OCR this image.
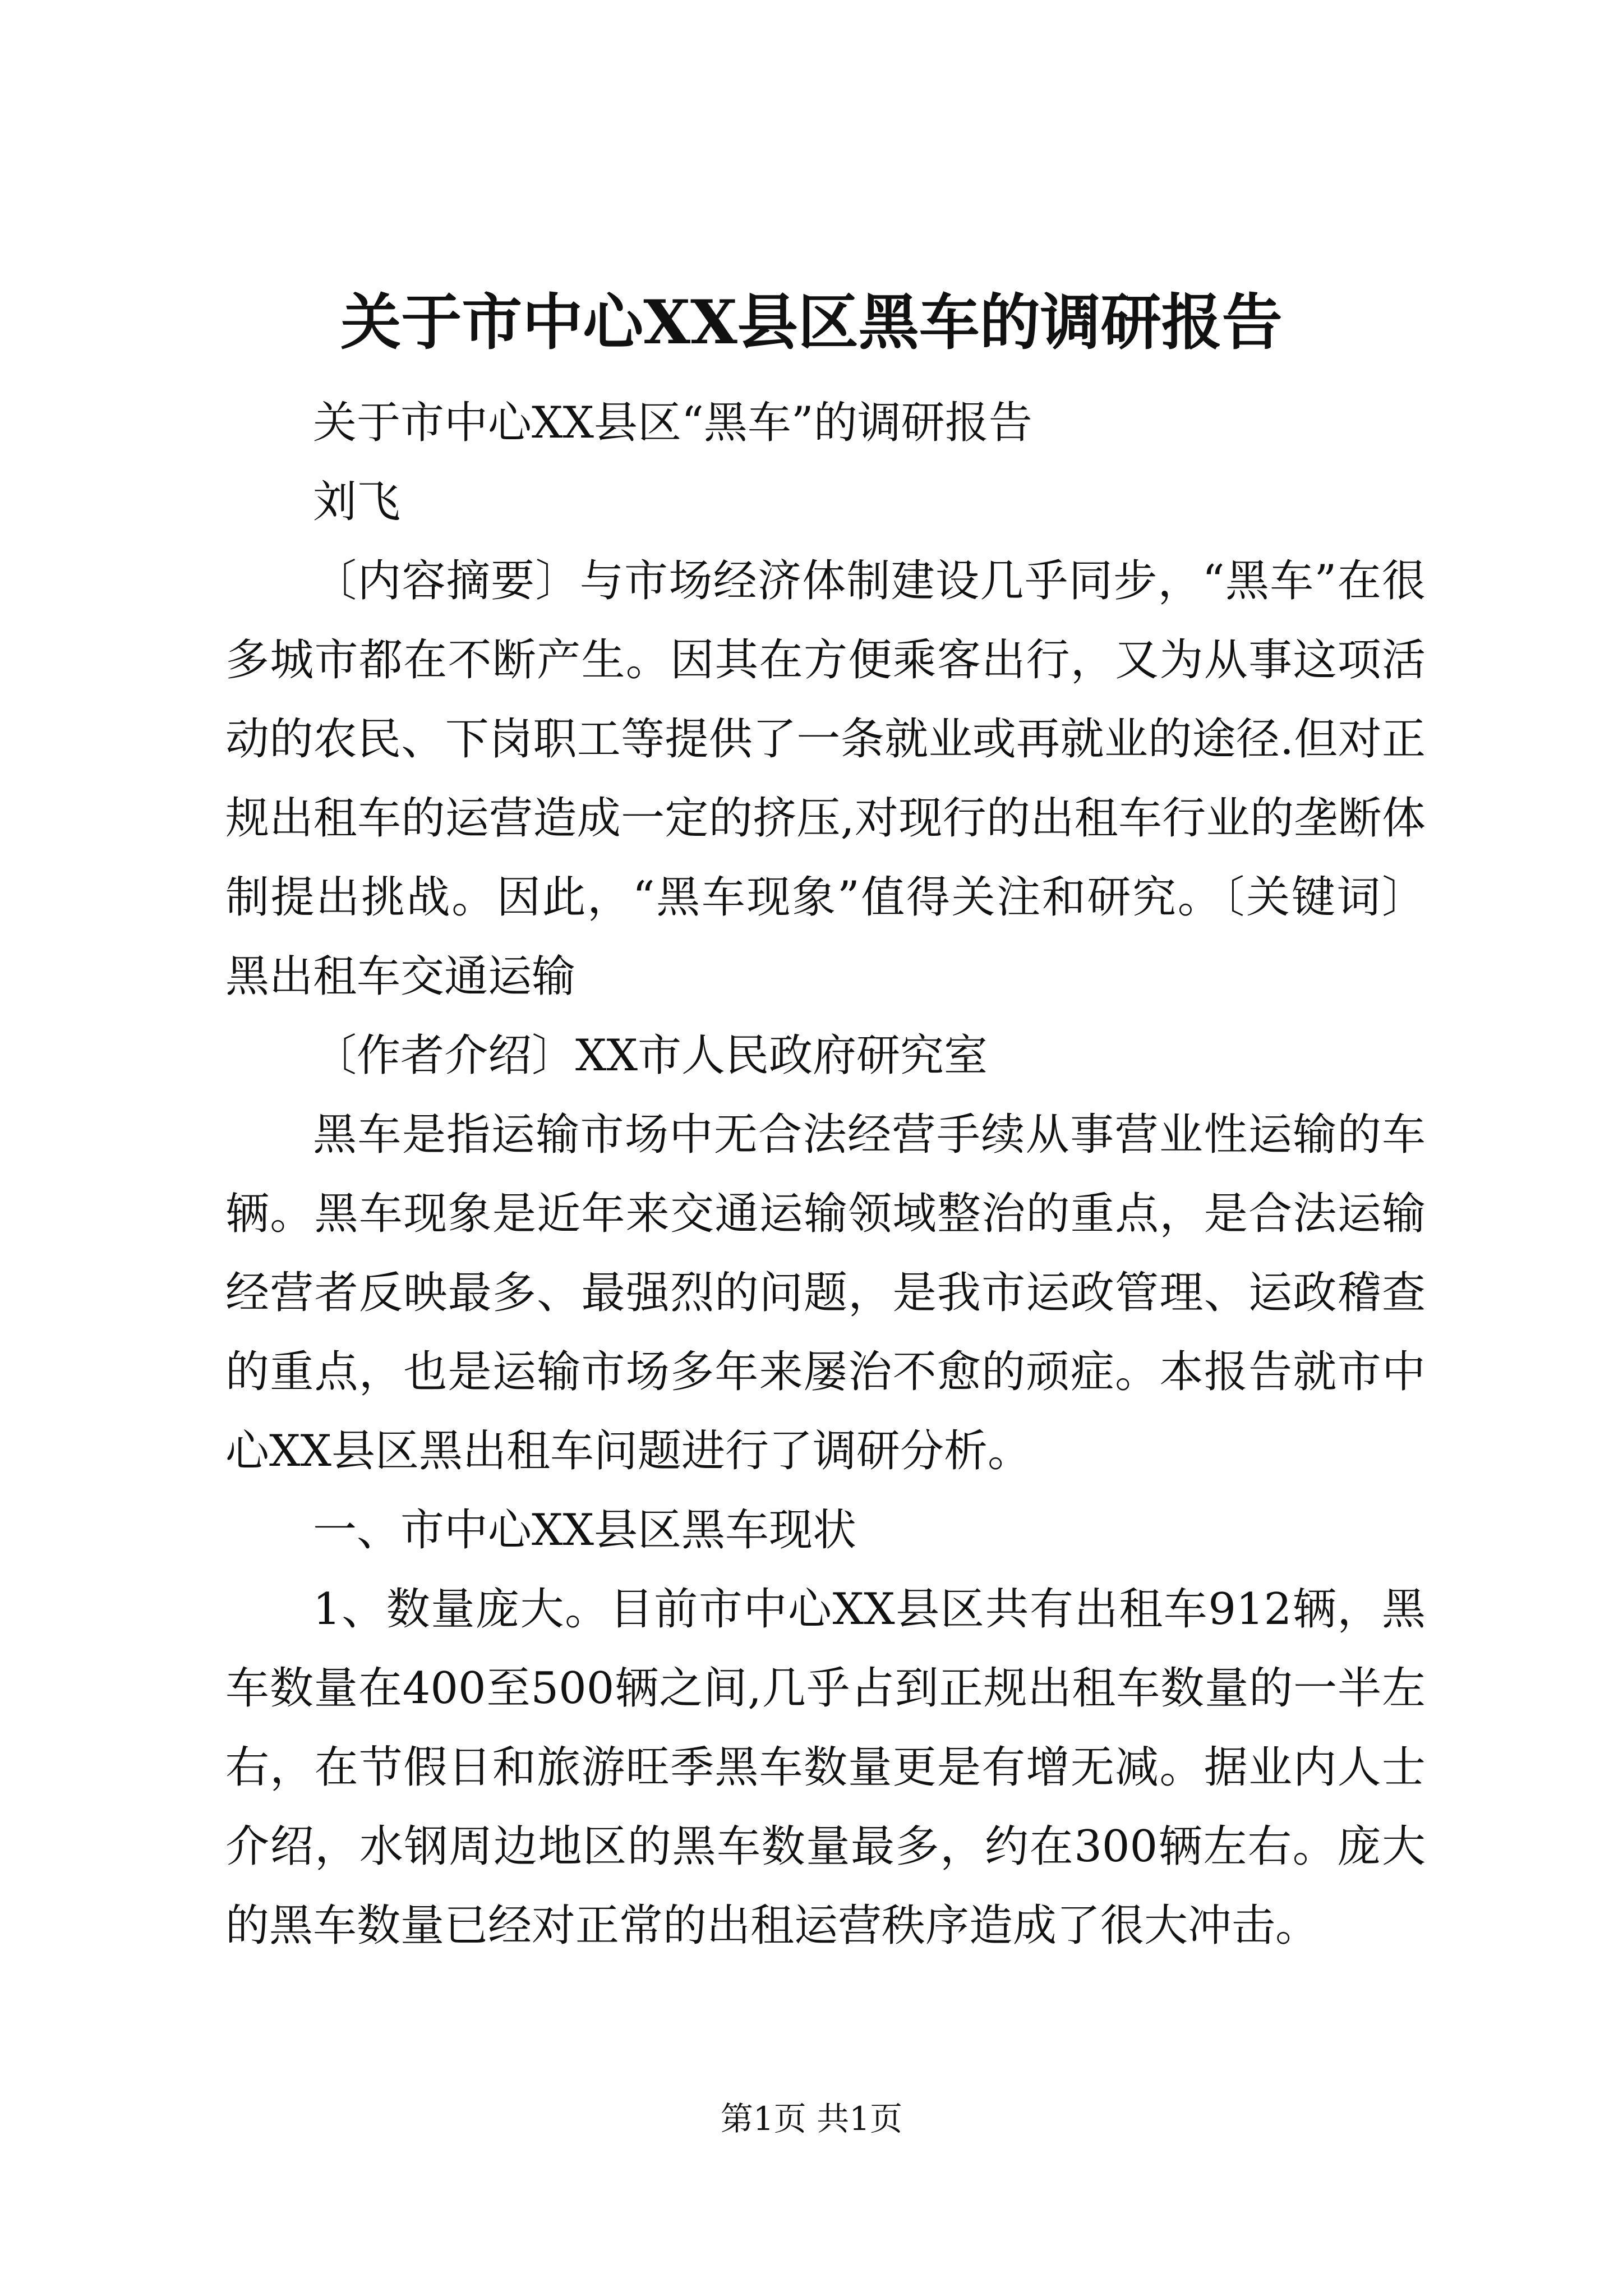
关于市中心XX县区黑车的调研报告

关于市中心XX县区“黑车”的调研报告

刘飞

〔内容摘要〕与市场经济体制建设几乎同步，“黑车”在很多城市都在不断产生。因其在方便乘客出行，又为从事这项活动的农民、下岗职工等提供了一条就业或再就业的途径.但对正规出租车的运营造成一定的挤压,对现行的出租车行业的垄断体制提出挑战。因此，“黑车现象”值得关注和研究。〔关键词〕黑出租车交通运输

〔作者介绍〕XX市人民政府研究室

黑车是指运输市场中无合法经营手续从事营业性运输的车辆。黑车现象是近年来交通运输领域整治的重点，是合法运输经营者反映最多、最强烈的问题，是我市运政管理、运政稽查的重点，也是运输市场多年来屡治不愈的顽症。本报告就市中心XX县区黑出租车问题进行了调研分析。

一、市中心XX县区黑车现状

1、数量庞大。目前市中心XX县区共有出租车912辆，黑车数量在400至500辆之间,几乎占到正规出租车数量的一半左右，在节假日和旅游旺季黑车数量更是有增无减。据业内人士介绍，水钢周边地区的黑车数量最多，约在300辆左右。庞大的黑车数量已经对正常的出租运营秩序造成了很大冲击。

第1页 共1页
